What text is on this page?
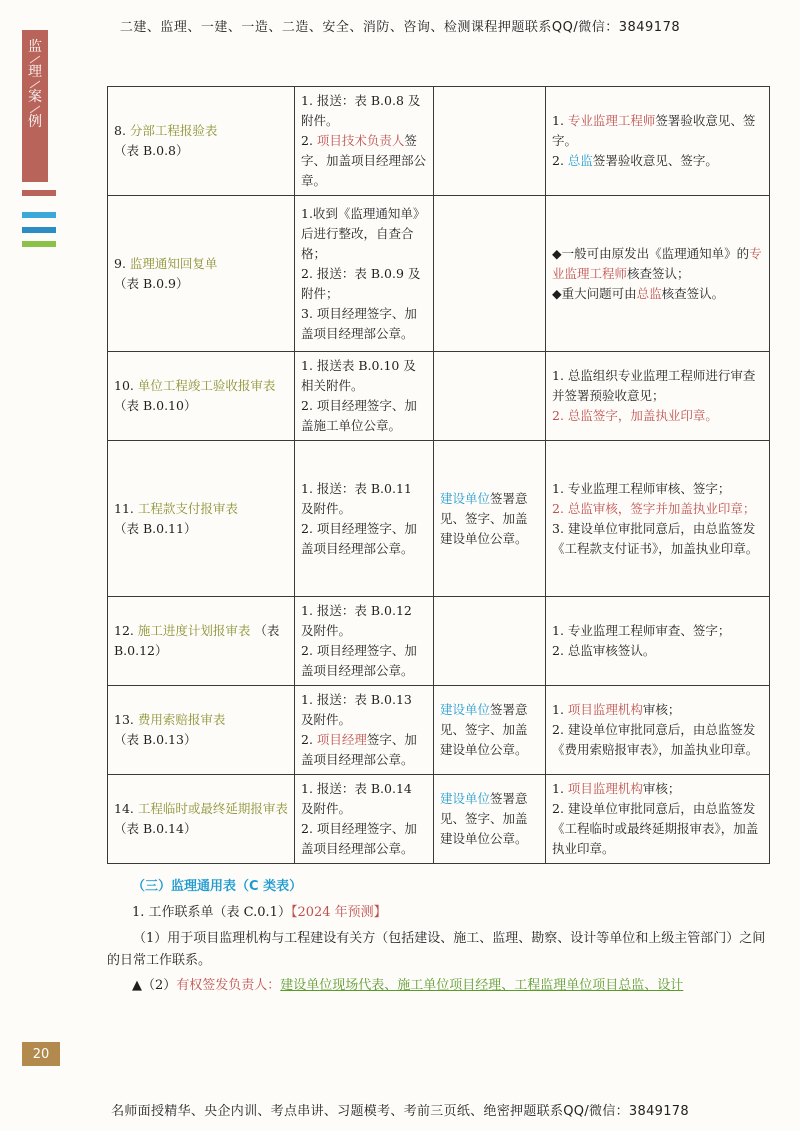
二建、监理、一建、一造、二造、安全、消防、咨询、检测课程押题联系QQ/微信：3849178
监
理
案
例
8. 分部工程报验表
（表 B.0.8）	1. 报送：表 B.0.8 及附件。
2. 项目技术负责人签字、加盖项目经理部公章。		1. 专业监理工程师签署验收意见、签字。
2. 总监签署验收意见、签字。
9. 监理通知回复单
（表 B.0.9）	1.收到《监理通知单》后进行整改，自查合格；
2. 报送：表 B.0.9 及附件；
3. 项目经理签字、加盖项目经理部公章。		◆一般可由原发出《监理通知单》的专业监理工程师核查签认；
◆重大问题可由总监核查签认。
10. 单位工程竣工验收报审表 （表 B.0.10）	1. 报送表 B.0.10 及相关附件。
2. 项目经理签字、加盖施工单位公章。		1. 总监组织专业监理工程师进行审查并签署预验收意见；
2. 总监签字，加盖执业印章。

11. 工程款支付报审表
（表 B.0.11）	1. 报送：表 B.0.11 及附件。
2. 项目经理签字、加盖项目经理部公章。	建设单位签署意见、签字、加盖建设单位公章。	1. 专业监理工程师审核、签字；
2. 总监审核，签字并加盖执业印章；
3. 建设单位审批同意后，由总监签发《工程款支付证书》，加盖执业印章。

12. 施工进度计划报审表 （表 B.0.12）	1. 报送：表 B.0.12 及附件。
2. 项目经理签字、加盖项目经理部公章。		1. 专业监理工程师审查、签字；
2. 总监审核签认。

13. 费用索赔报审表
（表 B.0.13）	1. 报送：表 B.0.13 及附件。
2. 项目经理签字、加盖项目经理部公章。	建设单位签署意见、签字、加盖建设单位公章。	1. 项目监理机构审核；
2. 建设单位审批同意后，由总监签发《费用索赔报审表》，加盖执业印章。
14. 工程临时或最终延期报审表 （表 B.0.14）	1. 报送：表 B.0.14 及附件。
2. 项目经理签字、加盖项目经理部公章。	建设单位签署意见、签字、加盖建设单位公章。	1. 项目监理机构审核；
2. 建设单位审批同意后，由总监签发《工程临时或最终延期报审表》，加盖执业印章。
（三）监理通用表（C 类表）
1. 工作联系单（表 C.0.1）【2024 年预测】
（1）用于项目监理机构与工程建设有关方（包括建设、施工、监理、勘察、设计等单位和上级主管部门）之间的日常工作联系。
▲（2）有权签发负责人：建设单位现场代表、施工单位项目经理、工程监理单位项目总监、设计
20
名师面授精华、央企内训、考点串讲、习题模考、考前三页纸、绝密押题联系QQ/微信：3849178
